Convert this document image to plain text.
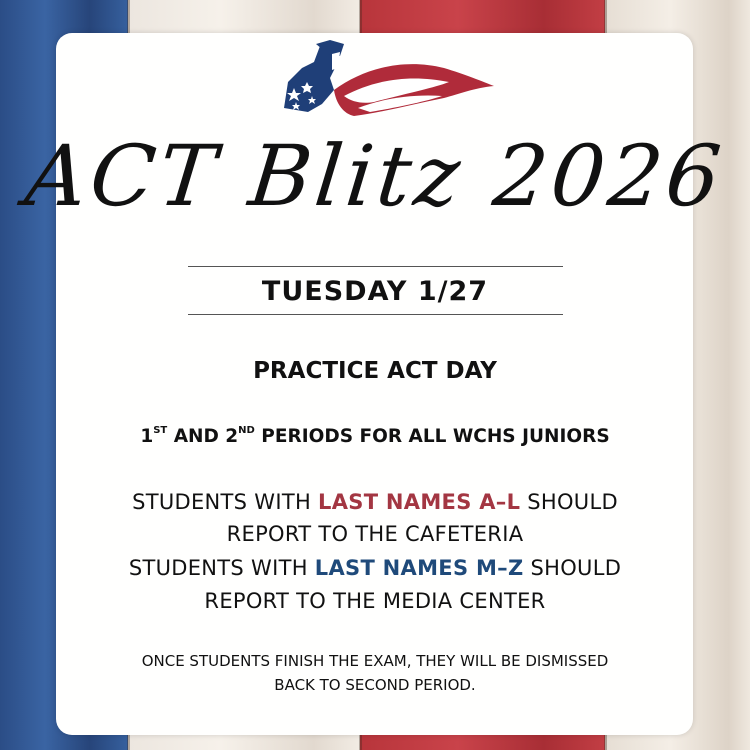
ACT Blitz 2026
TUESDAY 1/27
PRACTICE ACT DAY
1ST AND 2ND PERIODS FOR ALL WCHS JUNIORS
STUDENTS WITH LAST NAMES A–L SHOULD
REPORT TO THE CAFETERIA
STUDENTS WITH LAST NAMES M–Z SHOULD
REPORT TO THE MEDIA CENTER
ONCE STUDENTS FINISH THE EXAM, THEY WILL BE DISMISSED
BACK TO SECOND PERIOD.
